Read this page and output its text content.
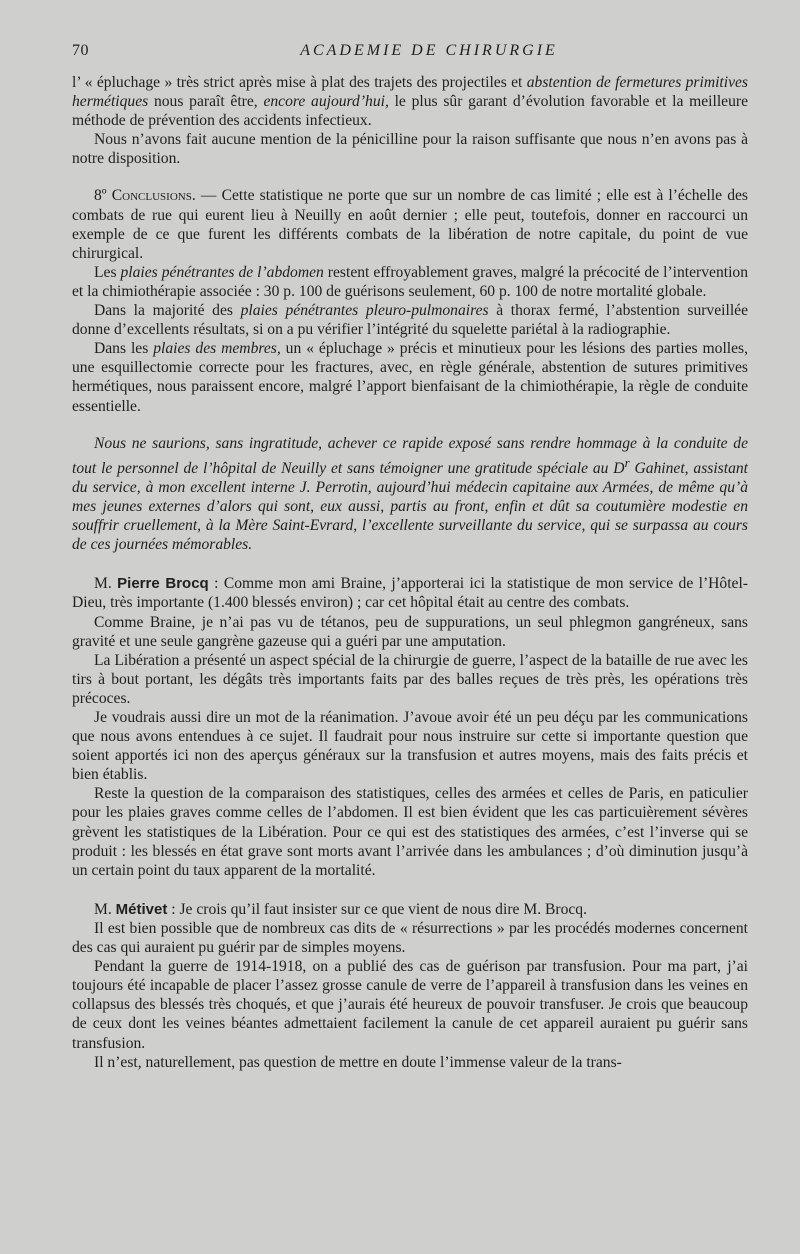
70	ACADEMIE DE CHIRURGIE

l’ « épluchage » très strict après mise à plat des trajets des projectiles et abstention de fermetures primitives hermétiques nous paraît être, encore aujourd’hui, le plus sûr garant d’évolution favorable et la meilleure méthode de prévention des accidents infectieux.

Nous n’avons fait aucune mention de la pénicilline pour la raison suffisante que nous n’en avons pas à notre disposition.

8º Conclusions. — Cette statistique ne porte que sur un nombre de cas limité ; elle est à l’échelle des combats de rue qui eurent lieu à Neuilly en août dernier ; elle peut, toutefois, donner en raccourci un exemple de ce que furent les différents combats de la libération de notre capitale, du point de vue chirurgical.

Les plaies pénétrantes de l’abdomen restent effroyablement graves, malgré la précocité de l’intervention et la chimiothérapie associée : 30 p. 100 de guérisons seulement, 60 p. 100 de notre mortalité globale.

Dans la majorité des plaies pénétrantes pleuro-pulmonaires à thorax fermé, l’abstention surveillée donne d’excellents résultats, si on a pu vérifier l’intégrité du squelette pariétal à la radiographie.

Dans les plaies des membres, un « épluchage » précis et minutieux pour les lésions des parties molles, une esquillectomie correcte pour les fractures, avec, en règle générale, abstention de sutures primitives hermétiques, nous paraissent encore, malgré l’apport bienfaisant de la chimiothérapie, la règle de conduite essentielle.

Nous ne saurions, sans ingratitude, achever ce rapide exposé sans rendre hommage à la conduite de tout le personnel de l’hôpital de Neuilly et sans témoigner une gratitude spéciale au $D^r$ Gahinet, assistant du service, à mon excellent interne J. Perrotin, aujourd’hui médecin capitaine aux Armées, de même qu’à mes jeunes externes d’alors qui sont, eux aussi, partis au front, enfin et dût sa coutumière modestie en souffrir cruellement, à la Mère Saint-Evrard, l’excellente surveillante du service, qui se surpassa au cours de ces journées mémorables.

M. Pierre Brocq : Comme mon ami Braine, j’apporterai ici la statistique de mon service de l’Hôtel-Dieu, très importante (1.400 blessés environ) ; car cet hôpital était au centre des combats.

Comme Braine, je n’ai pas vu de tétanos, peu de suppurations, un seul phlegmon gangréneux, sans gravité et une seule gangrène gazeuse qui a guéri par une amputation.

La Libération a présenté un aspect spécial de la chirurgie de guerre, l’aspect de la bataille de rue avec les tirs à bout portant, les dégâts très importants faits par des balles reçues de très près, les opérations très précoces.

Je voudrais aussi dire un mot de la réanimation. J’avoue avoir été un peu déçu par les communications que nous avons entendues à ce sujet. Il faudrait pour nous instruire sur cette si importante question que soient apportés ici non des aperçus généraux sur la transfusion et autres moyens, mais des faits précis et bien établis.

Reste la question de la comparaison des statistiques, celles des armées et celles de Paris, en paticulier pour les plaies graves comme celles de l’abdomen. Il est bien évident que les cas particuièrement sévères grèvent les statistiques de la Libération. Pour ce qui est des statistiques des armées, c’est l’inverse qui se produit : les blessés en état grave sont morts avant l’arrivée dans les ambulances ; d’où diminution jusqu’à un certain point du taux apparent de la mortalité.

M. Métivet : Je crois qu’il faut insister sur ce que vient de nous dire M. Brocq.

Il est bien possible que de nombreux cas dits de « résurrections » par les procédés modernes concernent des cas qui auraient pu guérir par de simples moyens.

Pendant la guerre de 1914-1918, on a publié des cas de guérison par transfusion. Pour ma part, j’ai toujours été incapable de placer l’assez grosse canule de verre de l’appareil à transfusion dans les veines en collapsus des blessés très choqués, et que j’aurais été heureux de pouvoir transfuser. Je crois que beaucoup de ceux dont les veines béantes admettaient facilement la canule de cet appareil auraient pu guérir sans transfusion.

Il n’est, naturellement, pas question de mettre en doute l’immense valeur de la trans-
